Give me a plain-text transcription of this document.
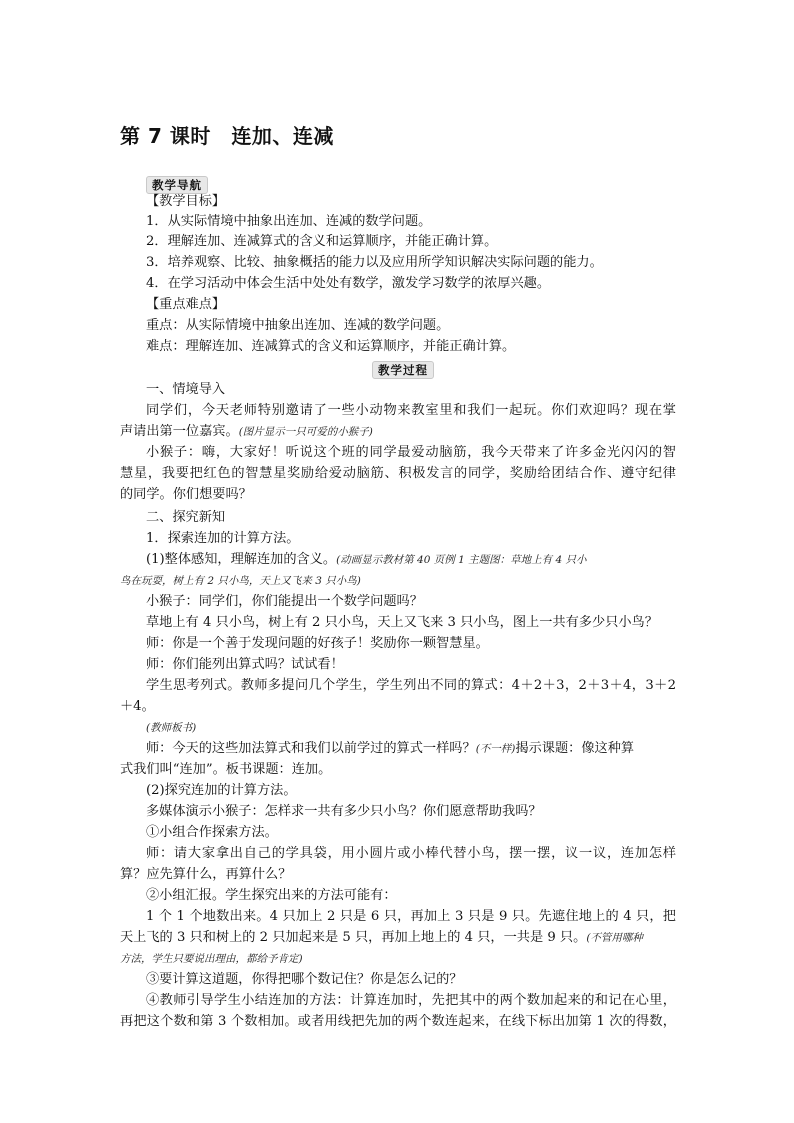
第 7 课时　连加、连减
教学导航
【教学目标】
1．从实际情境中抽象出连加、连减的数学问题。
2．理解连加、连减算式的含义和运算顺序，并能正确计算。
3．培养观察、比较、抽象概括的能力以及应用所学知识解决实际问题的能力。
4．在学习活动中体会生活中处处有数学，激发学习数学的浓厚兴趣。
【重点难点】
重点：从实际情境中抽象出连加、连减的数学问题。
难点：理解连加、连减算式的含义和运算顺序，并能正确计算。
教学过程
一、情境导入
同学们，今天老师特别邀请了一些小动物来教室里和我们一起玩。你们欢迎吗？现在掌
声请出第一位嘉宾。(图片显示一只可爱的小猴子)
小猴子：嗨，大家好！听说这个班的同学最爱动脑筋，我今天带来了许多金光闪闪的智
慧星，我要把红色的智慧星奖励给爱动脑筋、积极发言的同学，奖励给团结合作、遵守纪律
的同学。你们想要吗？
二、探究新知
1．探索连加的计算方法。
(1)整体感知，理解连加的含义。(动画显示教材第 40 页例 1 主题图：草地上有 4 只小
鸟在玩耍，树上有 2 只小鸟，天上又飞来 3 只小鸟)
小猴子：同学们，你们能提出一个数学问题吗？
草地上有 4 只小鸟，树上有 2 只小鸟，天上又飞来 3 只小鸟，图上一共有多少只小鸟？
师：你是一个善于发现问题的好孩子！奖励你一颗智慧星。
师：你们能列出算式吗？试试看！
学生思考列式。教师多提问几个学生，学生列出不同的算式：4＋2＋3，2＋3＋4，3＋2
＋4。
(教师板书)
师：今天的这些加法算式和我们以前学过的算式一样吗？(不一样)揭示课题：像这种算
式我们叫“连加”。板书课题：连加。
(2)探究连加的计算方法。
多媒体演示小猴子：怎样求一共有多少只小鸟？你们愿意帮助我吗？
①小组合作探索方法。
师：请大家拿出自己的学具袋，用小圆片或小棒代替小鸟，摆一摆，议一议，连加怎样
算？应先算什么，再算什么？
②小组汇报。学生探究出来的方法可能有：
1 个 1 个地数出来。4 只加上 2 只是 6 只，再加上 3 只是 9 只。先遮住地上的 4 只，把
天上飞的 3 只和树上的 2 只加起来是 5 只，再加上地上的 4 只，一共是 9 只。(不管用哪种
方法，学生只要说出理由，都给予肯定)
③要计算这道题，你得把哪个数记住？你是怎么记的？
④教师引导学生小结连加的方法：计算连加时，先把其中的两个数加起来的和记在心里，
再把这个数和第 3 个数相加。或者用线把先加的两个数连起来，在线下标出加第 1 次的得数，
